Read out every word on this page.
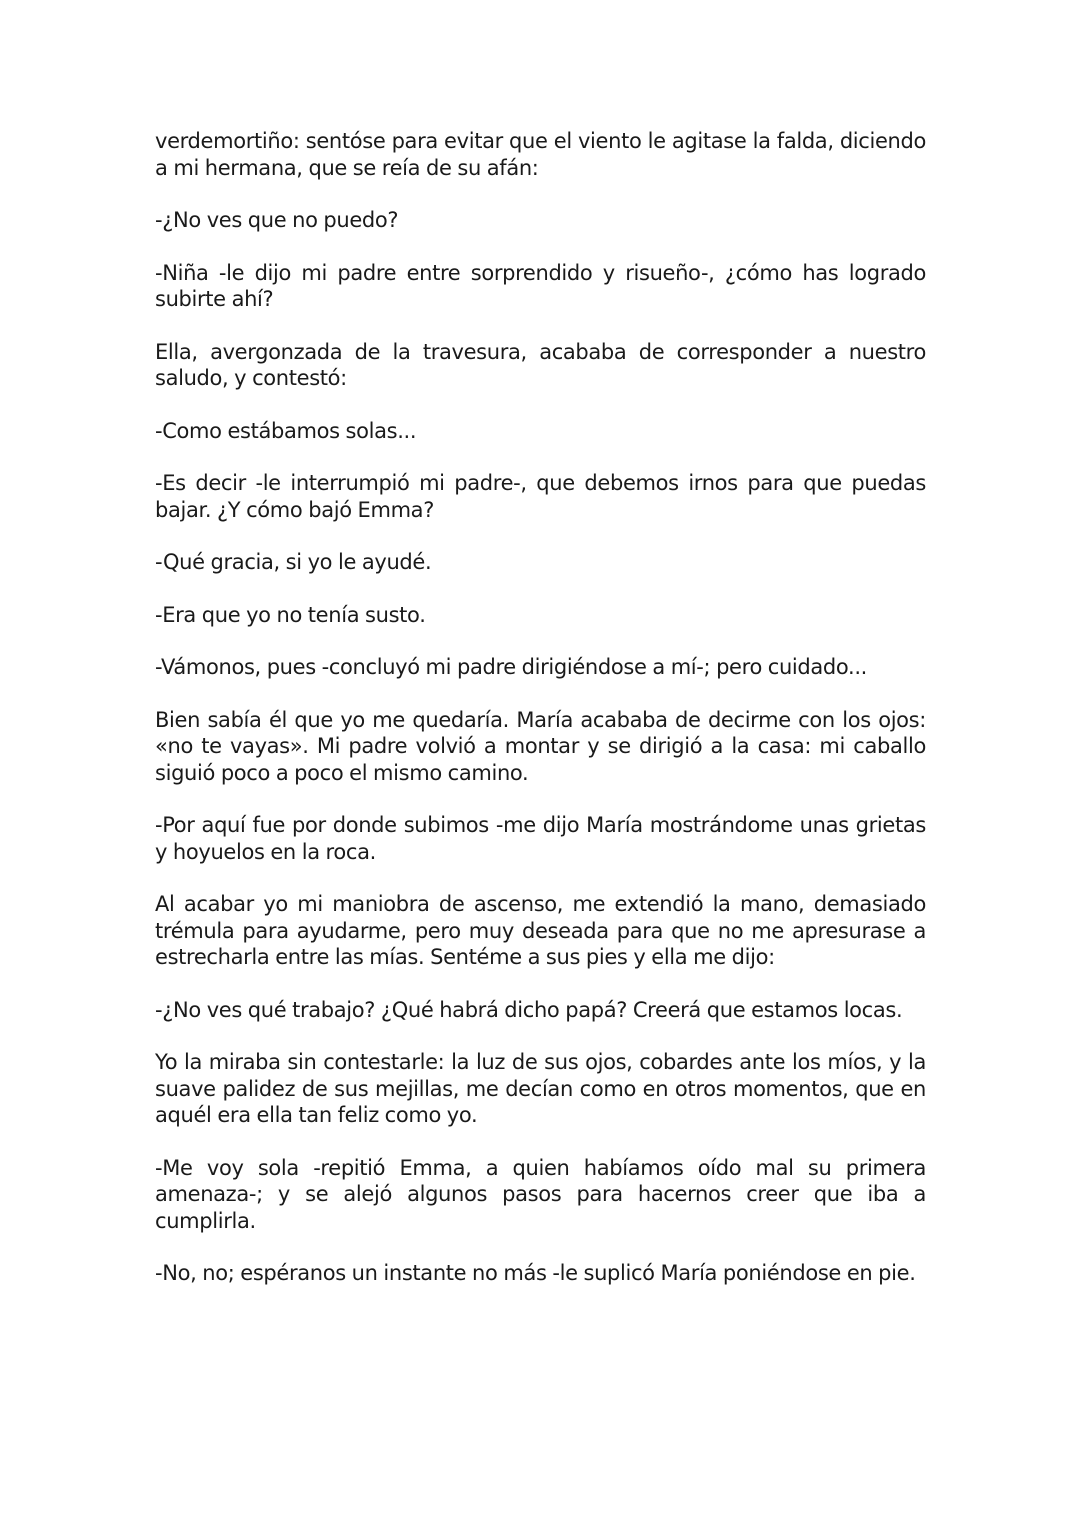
verdemortiño: sentóse para evitar que el viento le agitase la falda, diciendo a mi hermana, que se reía de su afán:

-¿No ves que no puedo?

-Niña -le dijo mi padre entre sorprendido y risueño-, ¿cómo has logrado subirte ahí?

Ella, avergonzada de la travesura, acababa de corresponder a nuestro saludo, y contestó:

-Como estábamos solas...

-Es decir -le interrumpió mi padre-, que debemos irnos para que puedas bajar. ¿Y cómo bajó Emma?

-Qué gracia, si yo le ayudé.

-Era que yo no tenía susto.

-Vámonos, pues -concluyó mi padre dirigiéndose a mí-; pero cuidado...

Bien sabía él que yo me quedaría. María acababa de decirme con los ojos: «no te vayas». Mi padre volvió a montar y se dirigió a la casa: mi caballo siguió poco a poco el mismo camino.

-Por aquí fue por donde subimos -me dijo María mostrándome unas grietas y hoyuelos en la roca.

Al acabar yo mi maniobra de ascenso, me extendió la mano, demasiado trémula para ayudarme, pero muy deseada para que no me apresurase a estrecharla entre las mías. Sentéme a sus pies y ella me dijo:

-¿No ves qué trabajo? ¿Qué habrá dicho papá? Creerá que estamos locas.

Yo la miraba sin contestarle: la luz de sus ojos, cobardes ante los míos, y la suave palidez de sus mejillas, me decían como en otros momentos, que en aquél era ella tan feliz como yo.

-Me voy sola -repitió Emma, a quien habíamos oído mal su primera amenaza-; y se alejó algunos pasos para hacernos creer que iba a cumplirla.

-No, no; espéranos un instante no más -le suplicó María poniéndose en pie.
